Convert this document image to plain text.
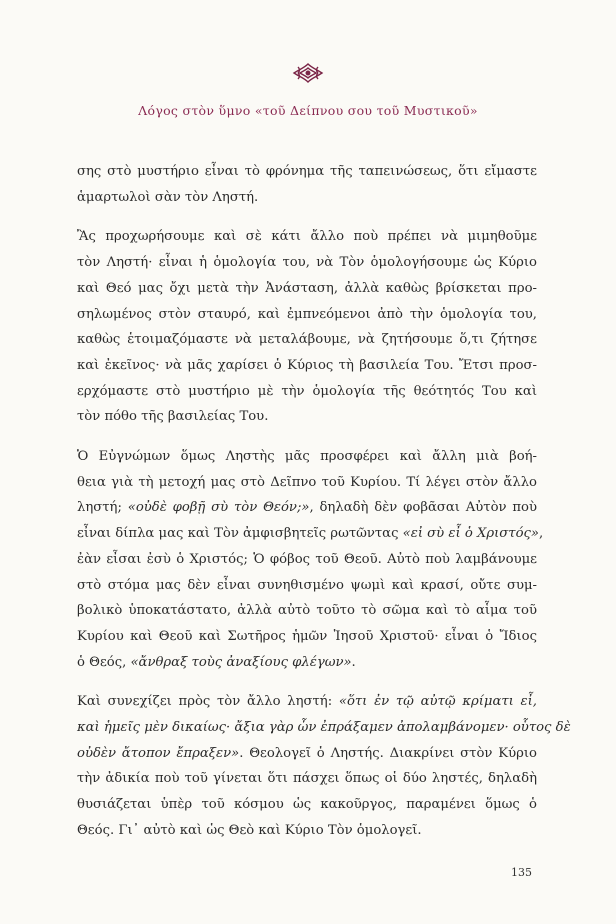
Λόγος στὸν ὕμνο «τοῦ Δείπνου σου τοῦ Μυστικοῦ»
σης στὸ μυστήριο εἶναι τὸ φρόνημα τῆς ταπεινώσεως, ὅτι εἴμαστε
ἁμαρτωλοὶ σὰν τὸν Ληστή.
Ἂς προχωρήσουμε καὶ σὲ κάτι ἄλλο ποὺ πρέπει νὰ μιμηθοῦμε
τὸν Ληστή· εἶναι ἡ ὁμολογία του, νὰ Τὸν ὁμολογήσουμε ὡς Κύριο
καὶ Θεό μας ὄχι μετὰ τὴν Ἀνάσταση, ἀλλὰ καθὼς βρίσκεται προ-
σηλωμένος στὸν σταυρό, καὶ ἐμπνεόμενοι ἀπὸ τὴν ὁμολογία του,
καθὼς ἑτοιμαζόμαστε νὰ μεταλάβουμε, νὰ ζητήσουμε ὅ,τι ζήτησε
καὶ ἐκεῖνος· νὰ μᾶς χαρίσει ὁ Κύριος τὴ βασιλεία Του. Ἔτσι προσ-
ερχόμαστε στὸ μυστήριο μὲ τὴν ὁμολογία τῆς θεότητός Του καὶ
τὸν πόθο τῆς βασιλείας Του.
Ὁ Εὐγνώμων ὅμως Ληστὴς μᾶς προσφέρει καὶ ἄλλη μιὰ βοή-
θεια γιὰ τὴ μετοχή μας στὸ Δεῖπνο τοῦ Κυρίου. Τί λέγει στὸν ἄλλο
ληστή; «οὐδὲ φοβῇ σὺ τὸν Θεόν;», δηλαδὴ δὲν φοβᾶσαι Αὐτὸν ποὺ
εἶναι δίπλα μας καὶ Τὸν ἀμφισβητεῖς ρωτῶντας «εἰ σὺ εἶ ὁ Χριστός»,
ἐὰν εἶσαι ἐσὺ ὁ Χριστός; Ὁ φόβος τοῦ Θεοῦ. Αὐτὸ ποὺ λαμβάνουμε
στὸ στόμα μας δὲν εἶναι συνηθισμένο ψωμὶ καὶ κρασί, οὔτε συμ-
βολικὸ ὑποκατάστατο, ἀλλὰ αὐτὸ τοῦτο τὸ σῶμα καὶ τὸ αἷμα τοῦ
Κυρίου καὶ Θεοῦ καὶ Σωτῆρος ἡμῶν Ἰησοῦ Χριστοῦ· εἶναι ὁ Ἴδιος
ὁ Θεός, «ἄνθραξ τοὺς ἀναξίους φλέγων».
Καὶ συνεχίζει πρὸς τὸν ἄλλο ληστή: «ὅτι ἐν τῷ αὐτῷ κρίματι εἶ,
καὶ ἡμεῖς μὲν δικαίως· ἄξια γὰρ ὧν ἐπράξαμεν ἀπολαμβάνομεν· οὗτος δὲ
οὐδὲν ἄτοπον ἔπραξεν». Θεολογεῖ ὁ Ληστής. Διακρίνει στὸν Κύριο
τὴν ἀδικία ποὺ τοῦ γίνεται ὅτι πάσχει ὅπως οἱ δύο ληστές, δηλαδὴ
θυσιάζεται ὑπὲρ τοῦ κόσμου ὡς κακοῦργος, παραμένει ὅμως ὁ
Θεός. Γι᾽ αὐτὸ καὶ ὡς Θεὸ καὶ Κύριο Τὸν ὁμολογεῖ.
135
